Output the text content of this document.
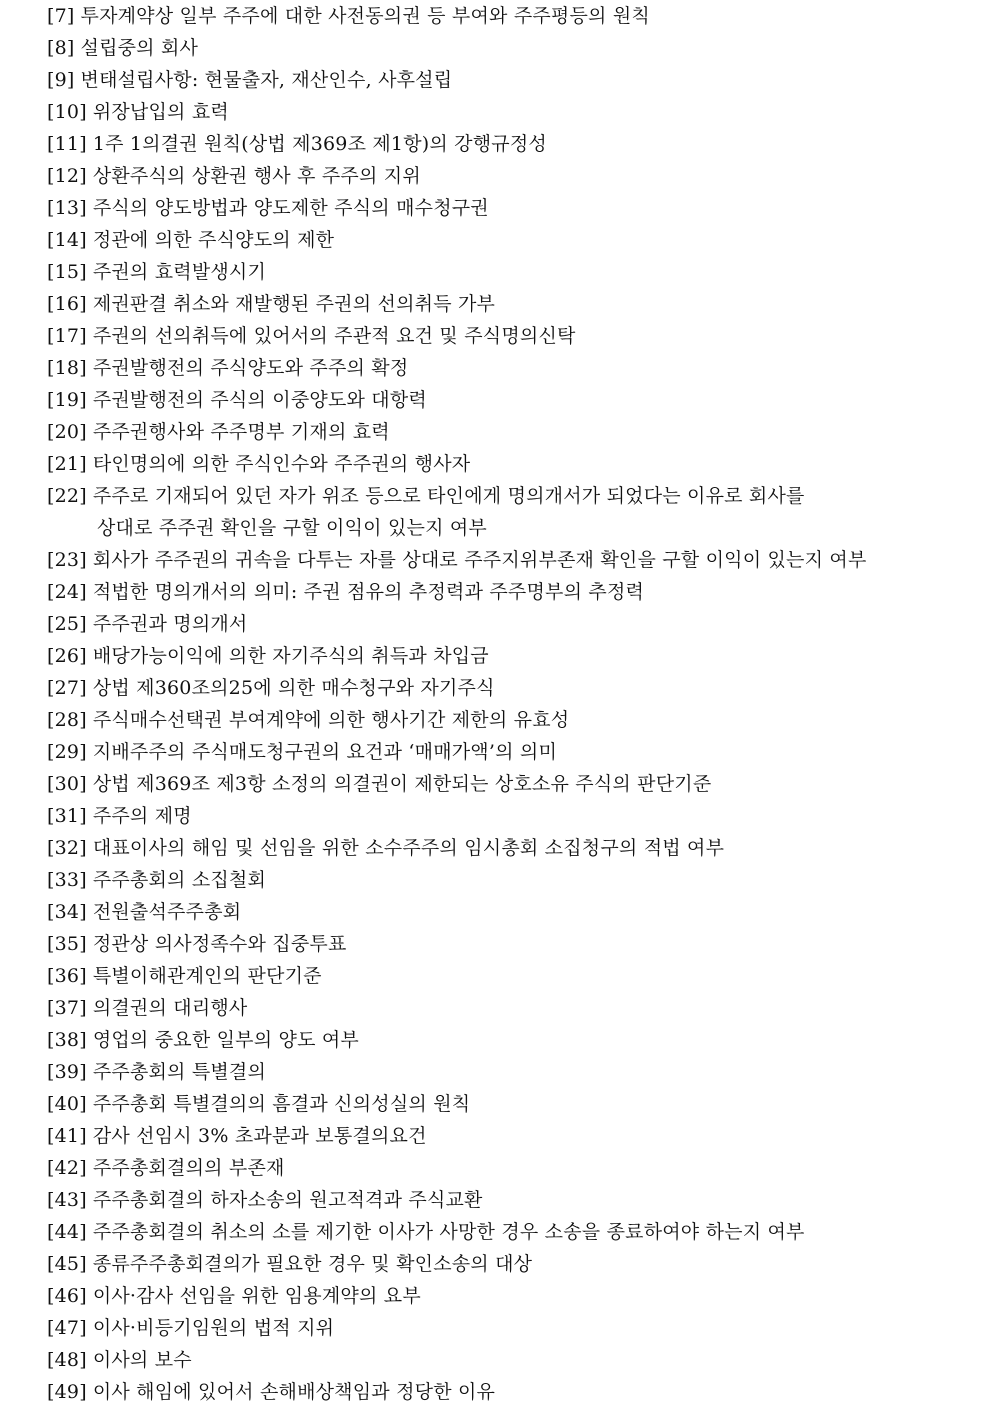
[7] 투자계약상 일부 주주에 대한 사전동의권 등 부여와 주주평등의 원칙
[8] 설립중의 회사
[9] 변태설립사항: 현물출자, 재산인수, 사후설립
[10] 위장납입의 효력
[11] 1주 1의결권 원칙(상법 제369조 제1항)의 강행규정성
[12] 상환주식의 상환권 행사 후 주주의 지위
[13] 주식의 양도방법과 양도제한 주식의 매수청구권
[14] 정관에 의한 주식양도의 제한
[15] 주권의 효력발생시기
[16] 제권판결 취소와 재발행된 주권의 선의취득 가부
[17] 주권의 선의취득에 있어서의 주관적 요건 및 주식명의신탁
[18] 주권발행전의 주식양도와 주주의 확정
[19] 주권발행전의 주식의 이중양도와 대항력
[20] 주주권행사와 주주명부 기재의 효력
[21] 타인명의에 의한 주식인수와 주주권의 행사자
[22] 주주로 기재되어 있던 자가 위조 등으로 타인에게 명의개서가 되었다는 이유로 회사를
상대로 주주권 확인을 구할 이익이 있는지 여부
[23] 회사가 주주권의 귀속을 다투는 자를 상대로 주주지위부존재 확인을 구할 이익이 있는지 여부
[24] 적법한 명의개서의 의미: 주권 점유의 추정력과 주주명부의 추정력
[25] 주주권과 명의개서
[26] 배당가능이익에 의한 자기주식의 취득과 차입금
[27] 상법 제360조의25에 의한 매수청구와 자기주식
[28] 주식매수선택권 부여계약에 의한 행사기간 제한의 유효성
[29] 지배주주의 주식매도청구권의 요건과 ‘매매가액’의 의미
[30] 상법 제369조 제3항 소정의 의결권이 제한되는 상호소유 주식의 판단기준
[31] 주주의 제명
[32] 대표이사의 해임 및 선임을 위한 소수주주의 임시총회 소집청구의 적법 여부
[33] 주주총회의 소집철회
[34] 전원출석주주총회
[35] 정관상 의사정족수와 집중투표
[36] 특별이해관계인의 판단기준
[37] 의결권의 대리행사
[38] 영업의 중요한 일부의 양도 여부
[39] 주주총회의 특별결의
[40] 주주총회 특별결의의 흠결과 신의성실의 원칙
[41] 감사 선임시 3% 초과분과 보통결의요건
[42] 주주총회결의의 부존재
[43] 주주총회결의 하자소송의 원고적격과 주식교환
[44] 주주총회결의 취소의 소를 제기한 이사가 사망한 경우 소송을 종료하여야 하는지 여부
[45] 종류주주총회결의가 필요한 경우 및 확인소송의 대상
[46] 이사·감사 선임을 위한 임용계약의 요부
[47] 이사·비등기임원의 법적 지위
[48] 이사의 보수
[49] 이사 해임에 있어서 손해배상책임과 정당한 이유
